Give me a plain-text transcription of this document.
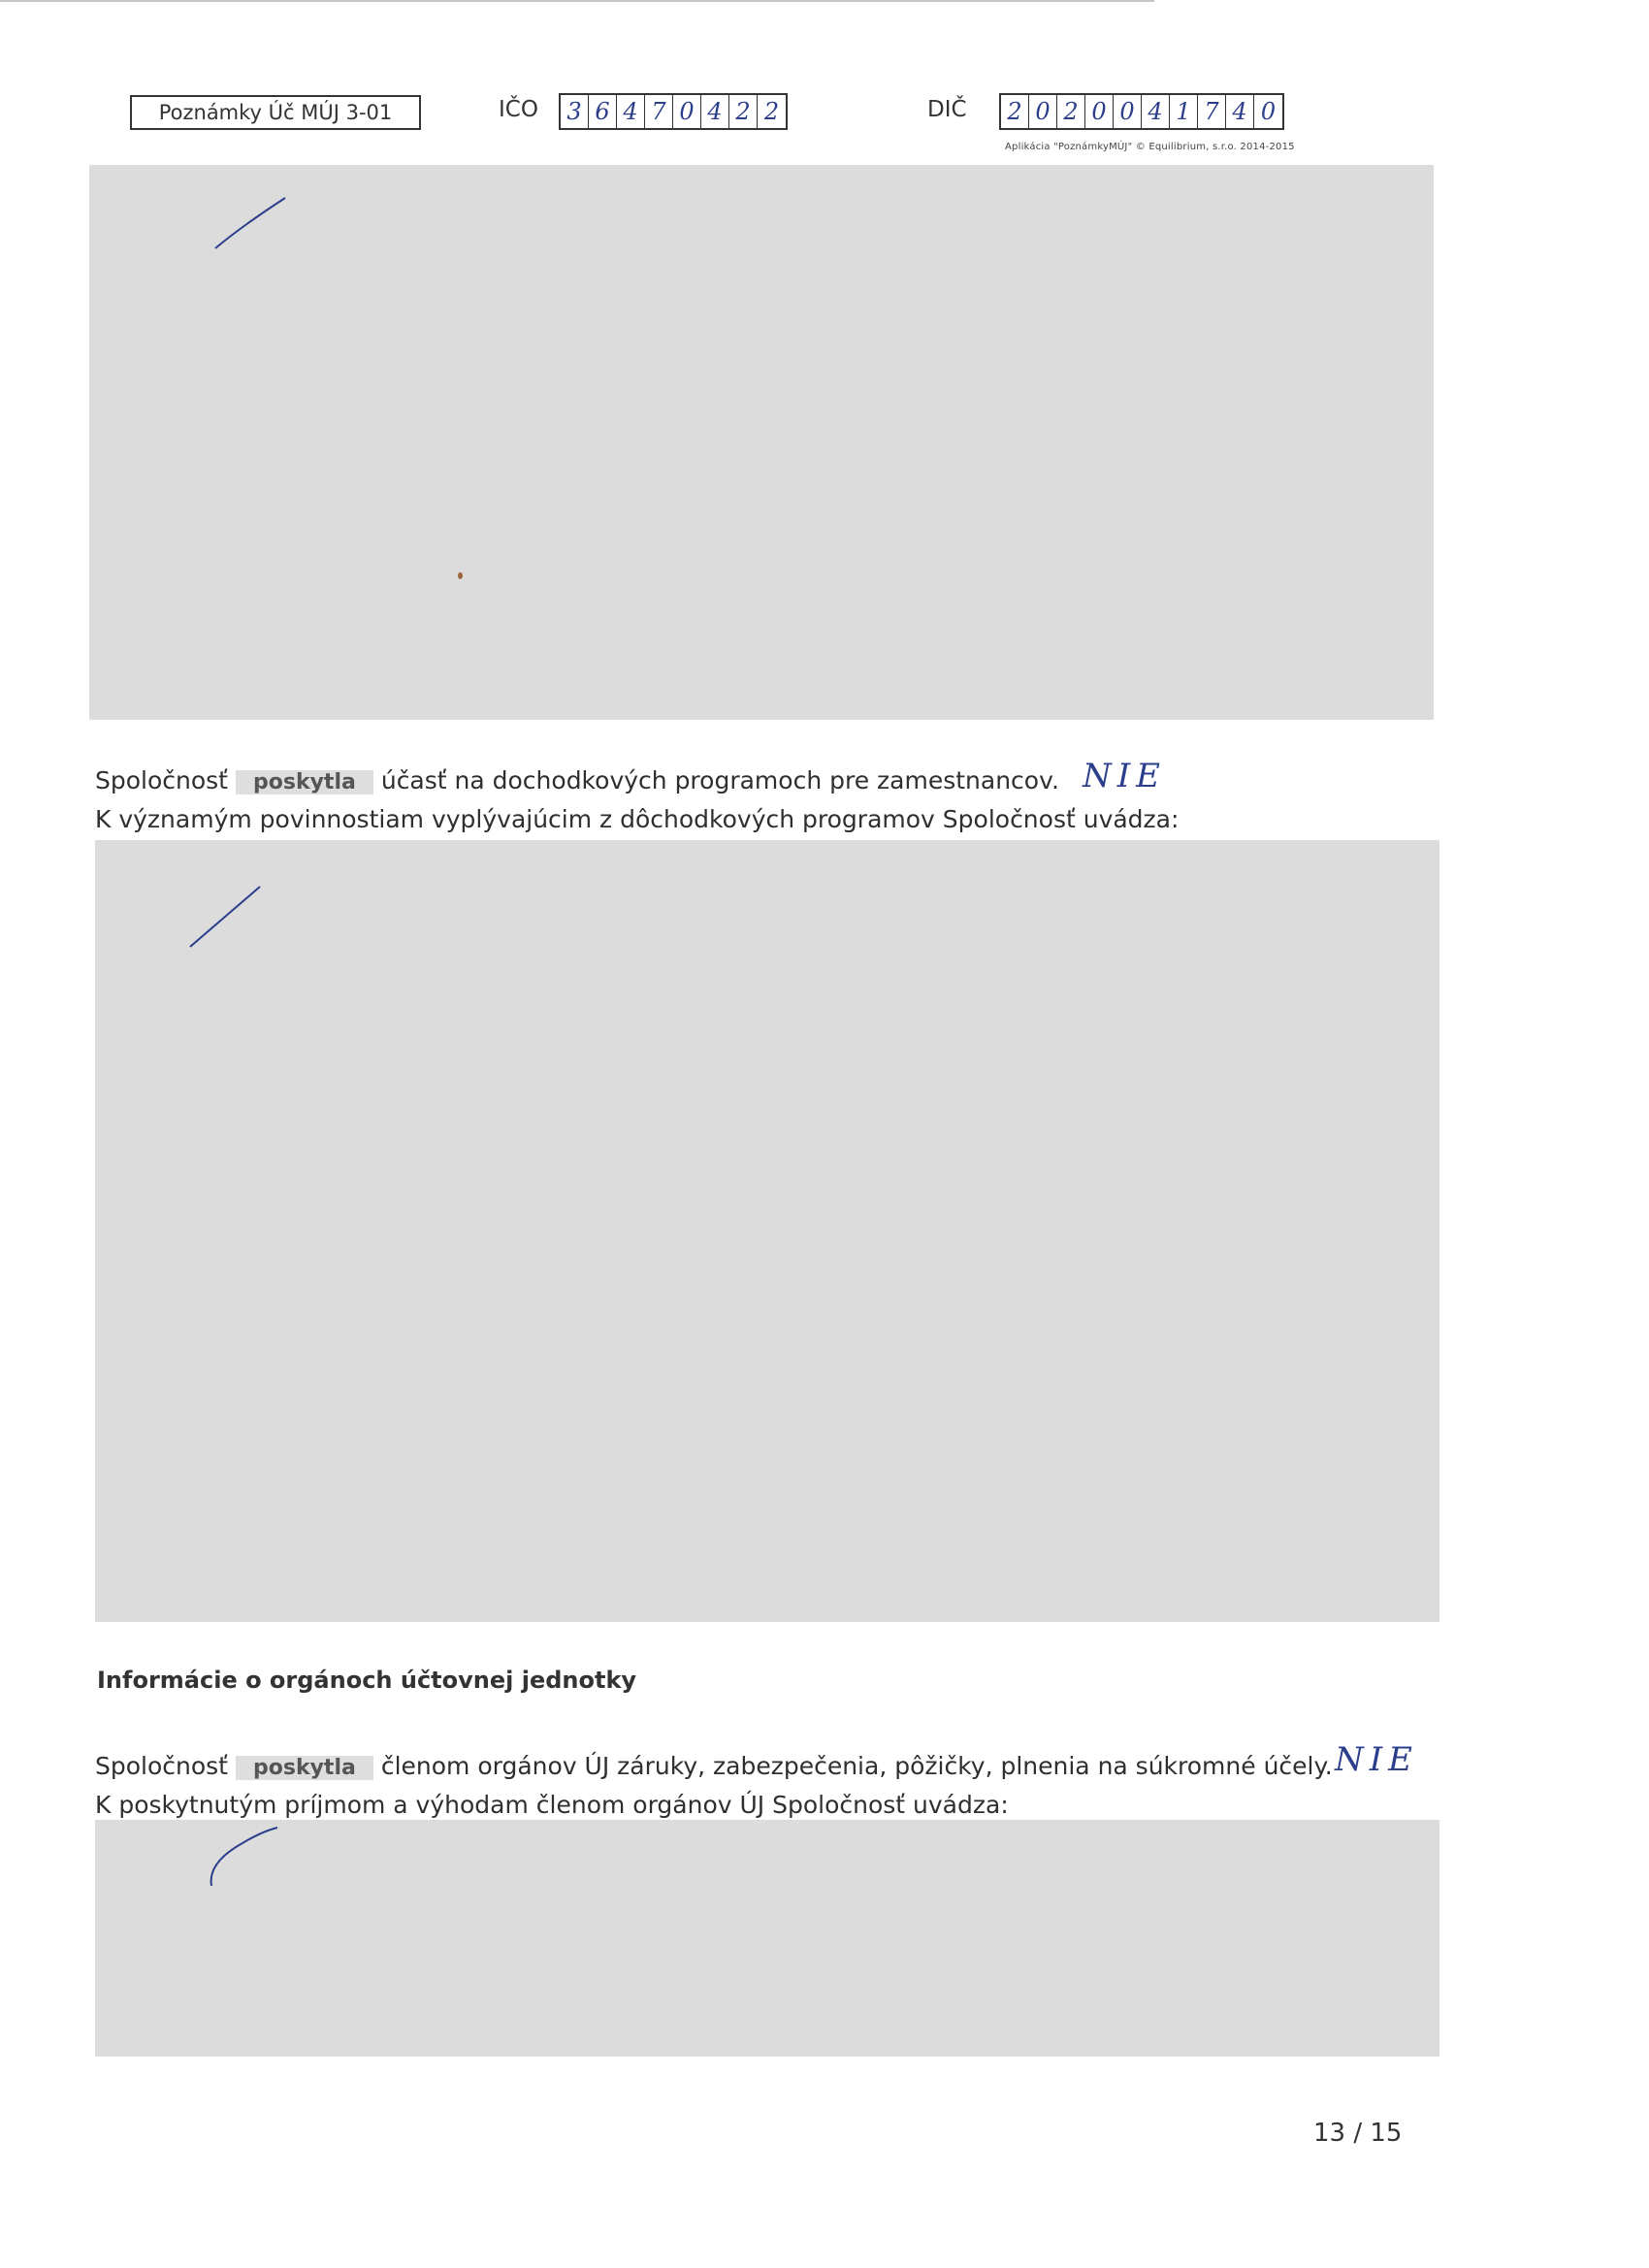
Poznámky Úč MÚJ 3-01	IČO 3 6 4 7 0 4 2 2	DIČ 2 0 2 0 0 4 1 7 4 0
Aplikácia "PoznámkyMÚJ" © Equilibrium, s.r.o. 2014-2015
Spoločnosť poskytla účasť na dochodkových programoch pre zamestnancov. NIE
K významým povinnostiam vyplývajúcim z dôchodkových programov Spoločnosť uvádza:
Informácie o orgánoch účtovnej jednotky
Spoločnosť poskytla členom orgánov ÚJ záruky, zabezpečenia, pôžičky, plnenia na súkromné účely. NIE
K poskytnutým príjmom a výhodam členom orgánov ÚJ Spoločnosť uvádza:
13 / 15
